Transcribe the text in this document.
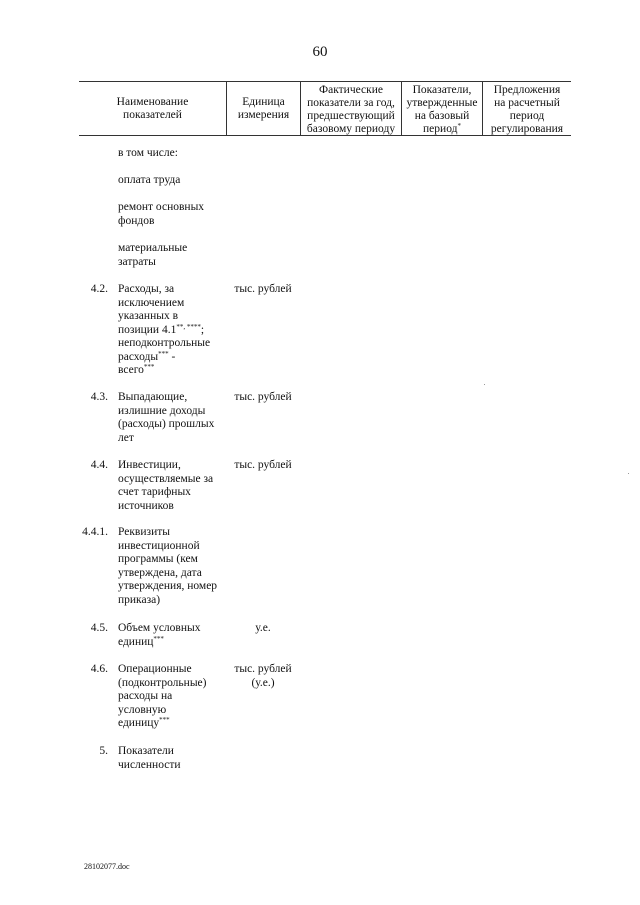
60
Наименование
показателей
Единица
измерения
Фактические
показатели за год,
предшествующий
базовому периоду
Показатели,
утвержденные
на базовый
период*
Предложения
на расчетный
период
регулирования
в том числе:
оплата труда
ремонт основных
фондов
материальные
затраты
4.2. Расходы, за
исключением
указанных в
позиции 4.1**, ****;
неподконтрольные
расходы*** -
всего***
тыс. рублей
4.3. Выпадающие,
излишние доходы
(расходы) прошлых
лет
тыс. рублей
4.4. Инвестиции,
осуществляемые за
счет тарифных
источников
тыс. рублей
4.4.1. Реквизиты
инвестиционной
программы (кем
утверждена, дата
утверждения, номер
приказа)
4.5. Объем условных
единиц***
у.е.
4.6. Операционные
(подконтрольные)
расходы на
условную
единицу***
тыс. рублей
(у.е.)
5. Показатели
численности
28102077.doc
